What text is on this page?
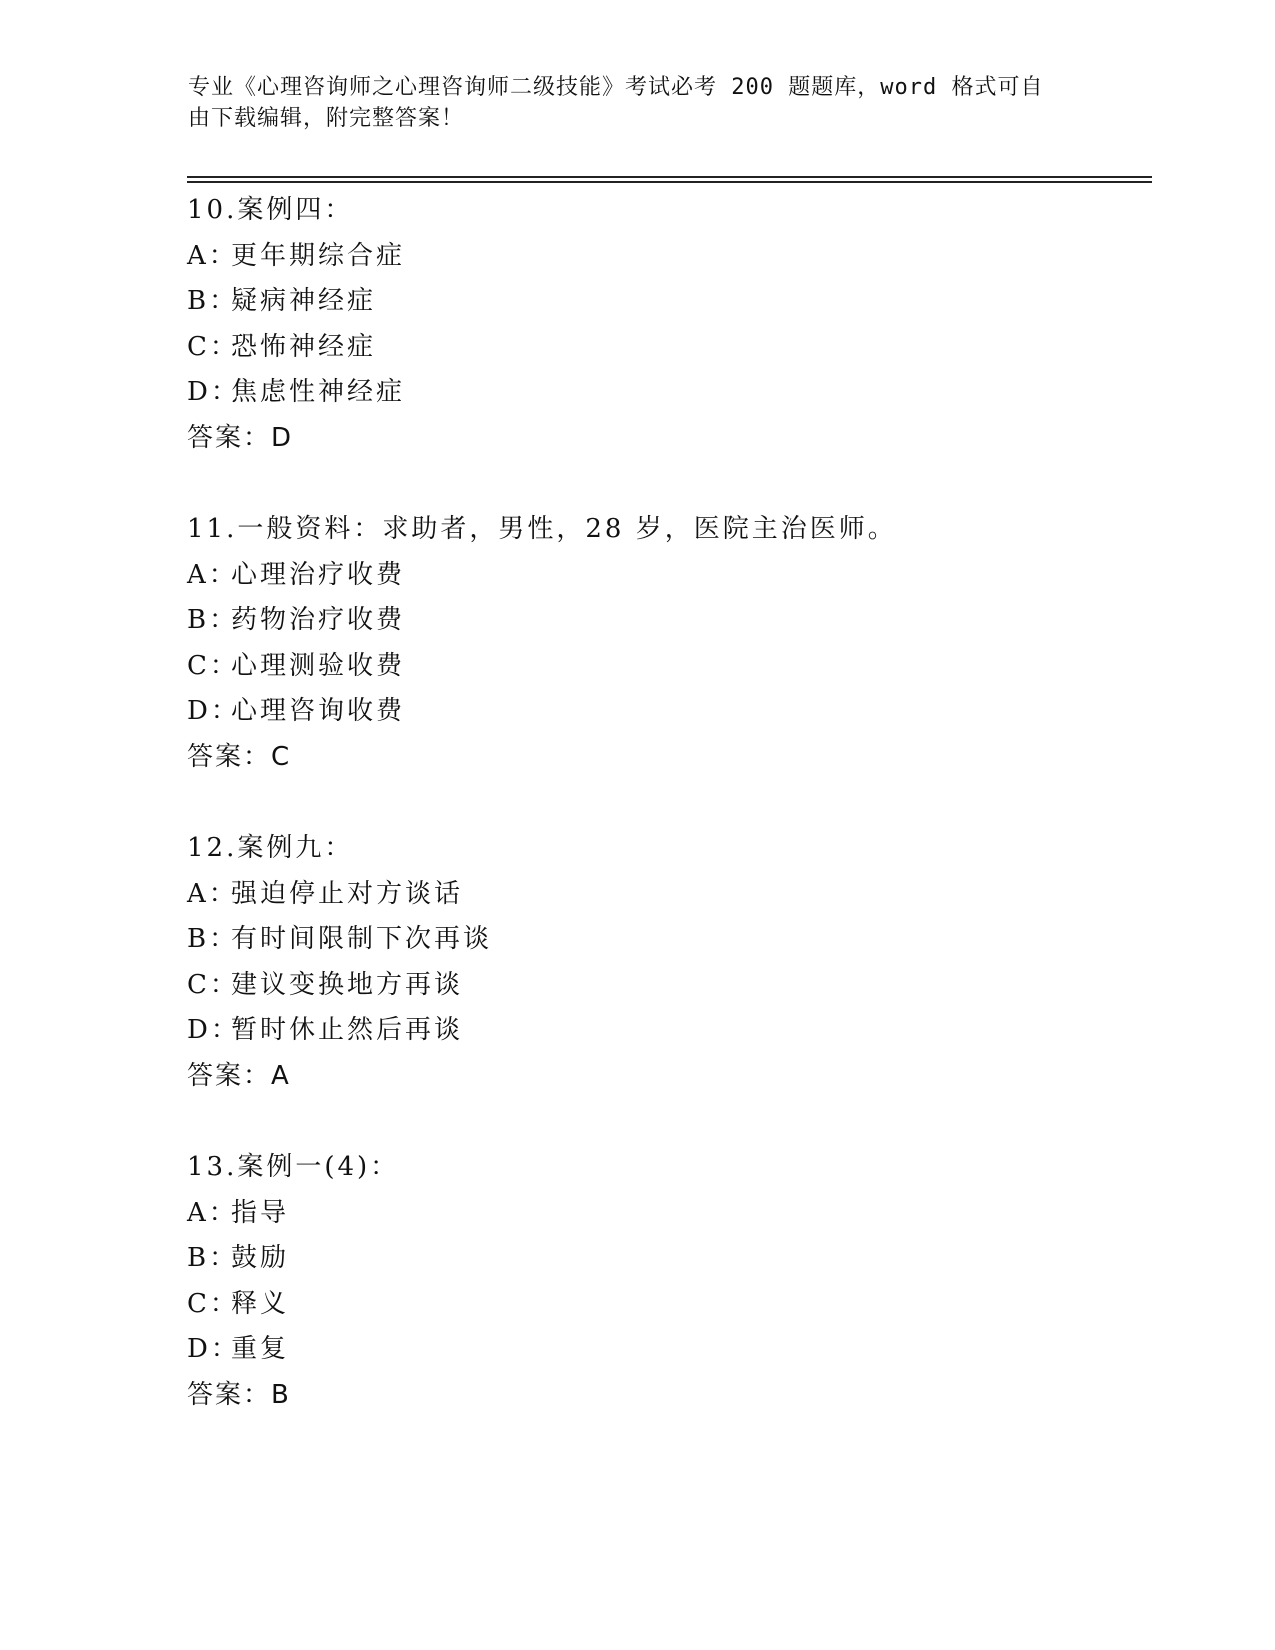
专业《心理咨询师之心理咨询师二级技能》考试必考 200 题题库，word 格式可自
由下载编辑，附完整答案！
10.案例四：
A：更年期综合症
B：疑病神经症
C：恐怖神经症
D：焦虑性神经症
答案：D
11.一般资料：求助者，男性，28 岁，医院主治医师。
A：心理治疗收费
B：药物治疗收费
C：心理测验收费
D：心理咨询收费
答案：C
12.案例九：
A：强迫停止对方谈话
B：有时间限制下次再谈
C：建议变换地方再谈
D：暂时休止然后再谈
答案：A
13.案例一(4)：
A：指导
B：鼓励
C：释义
D：重复
答案：B
